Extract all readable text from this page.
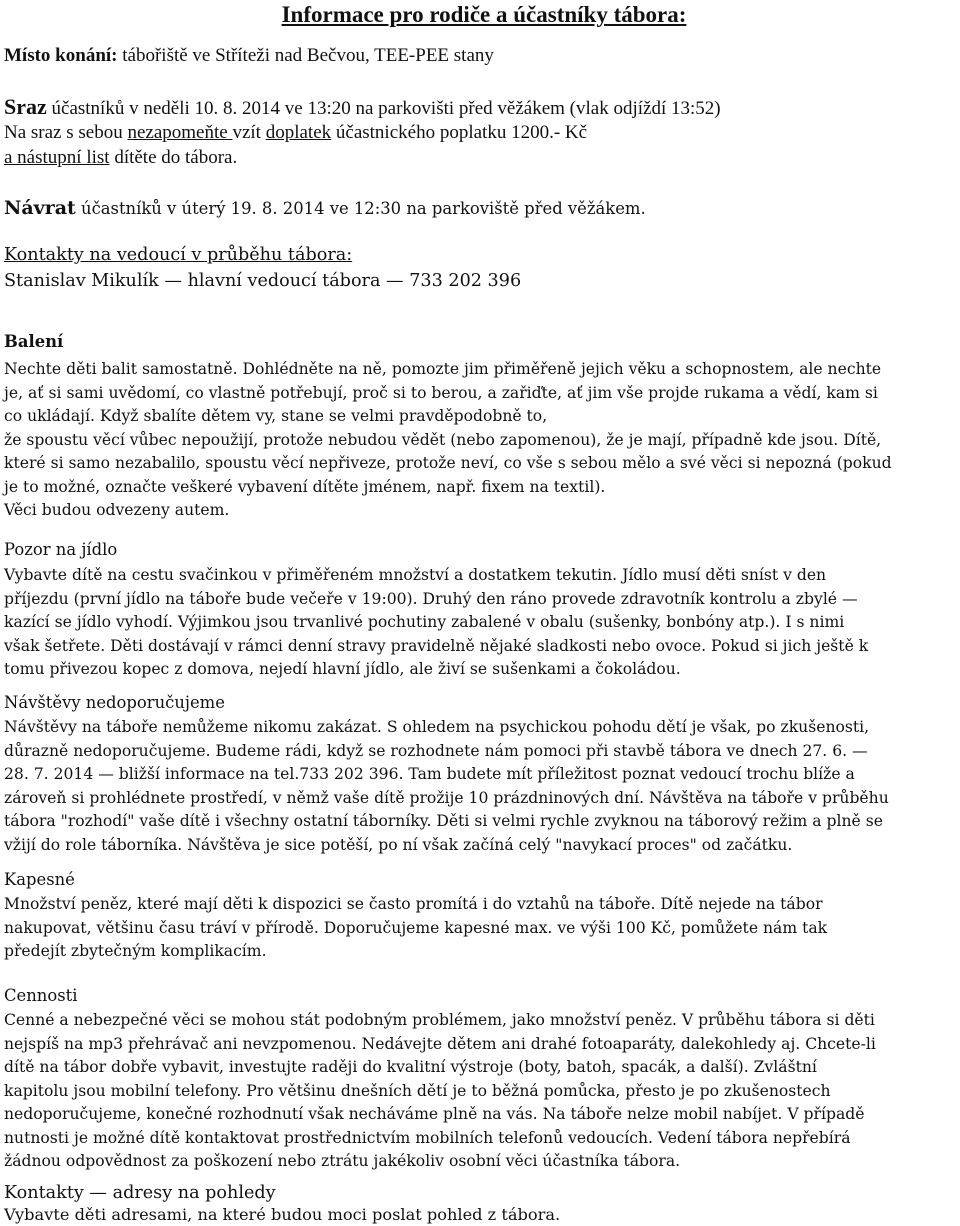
Informace pro rodiče a účastníky tábora:
Místo konání: tábořiště ve Stříteži nad Bečvou, TEE-PEE stany
Sraz účastníků v neděli 10. 8. 2014 ve 13:20 na parkovišti před věžákem (vlak odjíždí 13:52)
Na sraz s sebou nezapomeňte vzít doplatek účastnického poplatku 1200.- Kč
a nástupní list dítěte do tábora.
Návrat účastníků v úterý 19. 8. 2014 ve 12:30 na parkoviště před věžákem.
Kontakty na vedoucí v průběhu tábora:
Stanislav Mikulík — hlavní vedoucí tábora — 733 202 396
Balení
Nechte děti balit samostatně. Dohlédněte na ně, pomozte jim přiměřeně jejich věku a schopnostem, ale nechte
je, ať si sami uvědomí, co vlastně potřebují, proč si to berou, a zařiďte, ať jim vše projde rukama a vědí, kam si
co ukládají. Když sbalíte dětem vy, stane se velmi pravděpodobně to,
že spoustu věcí vůbec nepoužijí, protože nebudou vědět (nebo zapomenou), že je mají, případně kde jsou. Dítě,
které si samo nezabalilo, spoustu věcí nepřiveze, protože neví, co vše s sebou mělo a své věci si nepozná (pokud
je to možné, označte veškeré vybavení dítěte jménem, např. fixem na textil).
Věci budou odvezeny autem.
Pozor na jídlo
Vybavte dítě na cestu svačinkou v přiměřeném množství a dostatkem tekutin. Jídlo musí děti sníst v den
příjezdu (první jídlo na táboře bude večeře v 19:00). Druhý den ráno provede zdravotník kontrolu a zbylé —
kazící se jídlo vyhodí. Výjimkou jsou trvanlivé pochutiny zabalené v obalu (sušenky, bonbóny atp.). I s nimi
však šetřete. Děti dostávají v rámci denní stravy pravidelně nějaké sladkosti nebo ovoce. Pokud si jich ještě k
tomu přivezou kopec z domova, nejedí hlavní jídlo, ale živí se sušenkami a čokoládou.
Návštěvy nedoporučujeme
Návštěvy na táboře nemůžeme nikomu zakázat. S ohledem na psychickou pohodu dětí je však, po zkušenosti,
důrazně nedoporučujeme. Budeme rádi, když se rozhodnete nám pomoci při stavbě tábora ve dnech 27. 6. —
28. 7. 2014 — bližší informace na tel.733 202 396. Tam budete mít příležitost poznat vedoucí trochu blíže a
zároveň si prohlédnete prostředí, v němž vaše dítě prožije 10 prázdninových dní. Návštěva na táboře v průběhu
tábora "rozhodí" vaše dítě i všechny ostatní táborníky. Děti si velmi rychle zvyknou na táborový režim a plně se
vžijí do role táborníka. Návštěva je sice potěší, po ní však začíná celý "navykací proces" od začátku.
Kapesné
Množství peněz, které mají děti k dispozici se často promítá i do vztahů na táboře. Dítě nejede na tábor
nakupovat, většinu času tráví v přírodě. Doporučujeme kapesné max. ve výši 100 Kč, pomůžete nám tak
předejít zbytečným komplikacím.
Cennosti
Cenné a nebezpečné věci se mohou stát podobným problémem, jako množství peněz. V průběhu tábora si děti
nejspíš na mp3 přehrávač ani nevzpomenou. Nedávejte dětem ani drahé fotoaparáty, dalekohledy aj. Chcete-li
dítě na tábor dobře vybavit, investujte raději do kvalitní výstroje (boty, batoh, spacák, a další). Zvláštní
kapitolu jsou mobilní telefony. Pro většinu dnešních dětí je to běžná pomůcka, přesto je po zkušenostech
nedoporučujeme, konečné rozhodnutí však necháváme plně na vás. Na táboře nelze mobil nabíjet. V případě
nutnosti je možné dítě kontaktovat prostřednictvím mobilních telefonů vedoucích. Vedení tábora nepřebírá
žádnou odpovědnost za poškození nebo ztrátu jakékoliv osobní věci účastníka tábora.
Kontakty — adresy na pohledy
Vybavte děti adresami, na které budou moci poslat pohled z tábora.
